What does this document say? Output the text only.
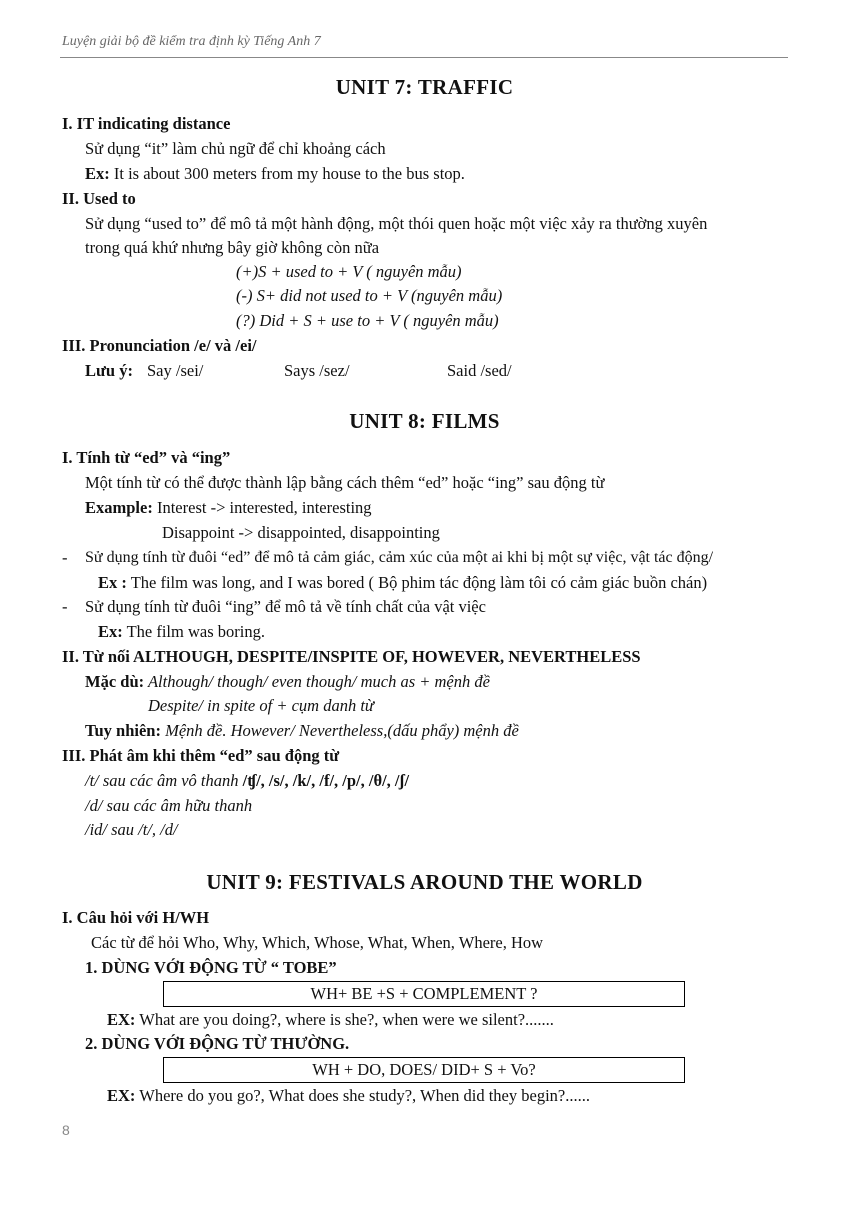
Luyện giải bộ đề kiểm tra định kỳ Tiếng Anh 7
UNIT 7: TRAFFIC
I. IT indicating distance
Sử dụng “it” làm chủ ngữ để chỉ khoảng cách
Ex: It is about 300 meters from my house to the bus stop.
II. Used to
Sử dụng “used to” để mô tả một hành động, một thói quen hoặc một việc xảy ra thường xuyên
trong quá khứ nhưng bây giờ không còn nữa
(+)S + used to + V ( nguyên mẫu)
(-) S+ did not used to + V (nguyên mẫu)
(?) Did + S + use to + V ( nguyên mẫu)
III. Pronunciation /e/ và /ei/
Lưu ý: Say /sei/	Says /sez/	Said /sed/
UNIT 8: FILMS
I. Tính từ “ed” và “ing”
Một tính từ có thể được thành lập bằng cách thêm “ed” hoặc “ing” sau động từ
Example: Interest -> interested, interesting
Disappoint -> disappointed, disappointing
- Sử dụng tính từ đuôi “ed” để mô tả cảm giác, cảm xúc của một ai khi bị một sự việc, vật tác động/
Ex : The film was long, and I was bored ( Bộ phim tác động làm tôi có cảm giác buồn chán)
- Sử dụng tính từ đuôi “ing” để mô tả về tính chất của vật việc
Ex: The film was boring.
II. Từ nối ALTHOUGH, DESPITE/INSPITE OF, HOWEVER, NEVERTHELESS
Mặc dù: Although/ though/ even though/ much as + mệnh đề
Despite/ in spite of + cụm danh từ
Tuy nhiên: Mệnh đề. However/ Nevertheless,(dấu phẩy) mệnh đề
III. Phát âm khi thêm “ed” sau động từ
/t/ sau các âm vô thanh /ʧ/, /s/, /k/, /f/, /p/, /θ/, /ʃ/
/d/ sau các âm hữu thanh
/id/ sau /t/, /d/
UNIT 9: FESTIVALS AROUND THE WORLD
I. Câu hỏi với H/WH
Các từ để hỏi Who, Why, Which, Whose, What, When, Where, How
1. DÙNG VỚI ĐỘNG TỪ “ TOBE”
WH+ BE +S + COMPLEMENT ?
EX: What are you doing?, where is she?, when were we silent?.......
2. DÙNG VỚI ĐỘNG TỪ THƯỜNG.
WH + DO, DOES/ DID+ S + Vo?
EX: Where do you go?, What does she study?, When did they begin?......
8
